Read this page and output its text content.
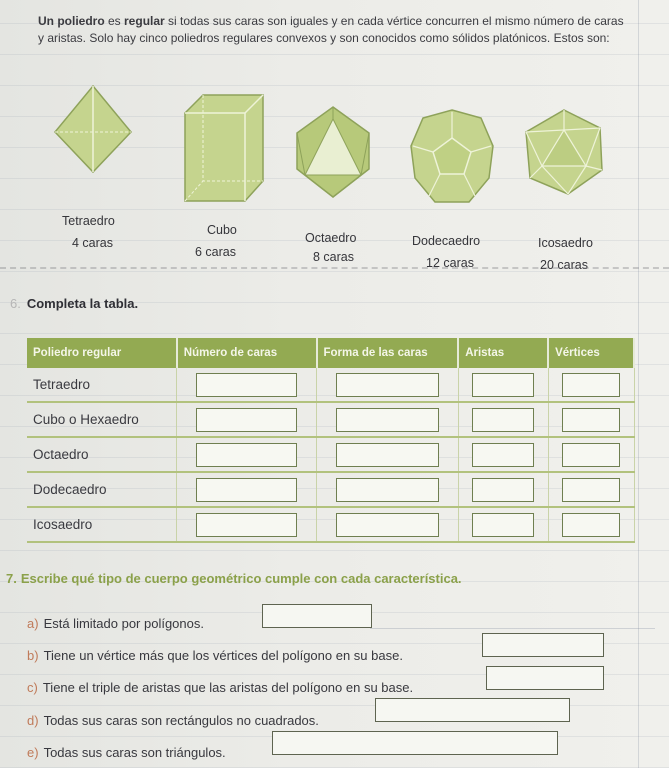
Un poliedro es regular si todas sus caras son iguales y en cada vértice concurren el mismo número de caras y aristas. Solo hay cinco poliedros regulares convexos y son conocidos como sólidos platónicos. Estos son:
Tetraedro
4 caras
Cubo
6 caras
Octaedro
8 caras
Dodecaedro
12 caras
Icosaedro
20 caras
6. Completa la tabla.
Poliedro regular	Número de caras	Forma de las caras	Aristas	Vértices
Tetraedro	

Cubo o Hexaedro	

Octaedro	

Dodecaedro	

Icosaedro	

7. Escribe qué tipo de cuerpo geométrico cumple con cada característica.
a) Está limitado por polígonos.
b) Tiene un vértice más que los vértices del polígono en su base.
c) Tiene el triple de aristas que las aristas del polígono en su base.
d) Todas sus caras son rectángulos no cuadrados.
e) Todas sus caras son triángulos.
